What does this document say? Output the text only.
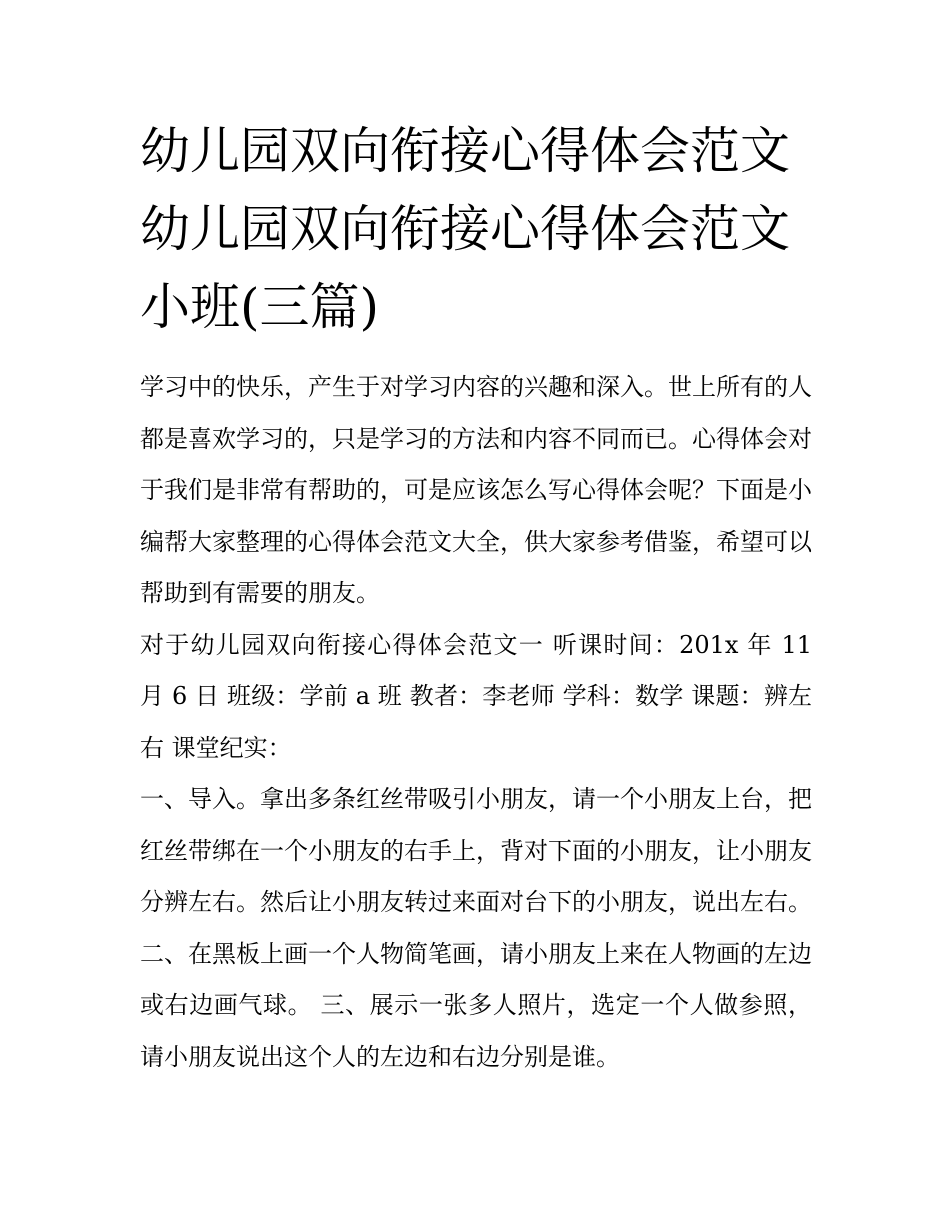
幼儿园双向衔接心得体会范文
幼儿园双向衔接心得体会范文
小班(三篇)

学习中的快乐，产生于对学习内容的兴趣和深入。世上所有的人都是喜欢学习的，只是学习的方法和内容不同而已。心得体会对于我们是非常有帮助的，可是应该怎么写心得体会呢？下面是小编帮大家整理的心得体会范文大全，供大家参考借鉴，希望可以帮助到有需要的朋友。

对于幼儿园双向衔接心得体会范文一 听课时间：201x 年 11 月 6 日 班级：学前 a 班 教者：李老师 学科：数学 课题：辨左右 课堂纪实：

一、导入。拿出多条红丝带吸引小朋友，请一个小朋友上台，把红丝带绑在一个小朋友的右手上，背对下面的小朋友，让小朋友分辨左右。然后让小朋友转过来面对台下的小朋友，说出左右。

二、在黑板上画一个人物简笔画，请小朋友上来在人物画的左边或右边画气球。 三、展示一张多人照片，选定一个人做参照，请小朋友说出这个人的左边和右边分别是谁。
